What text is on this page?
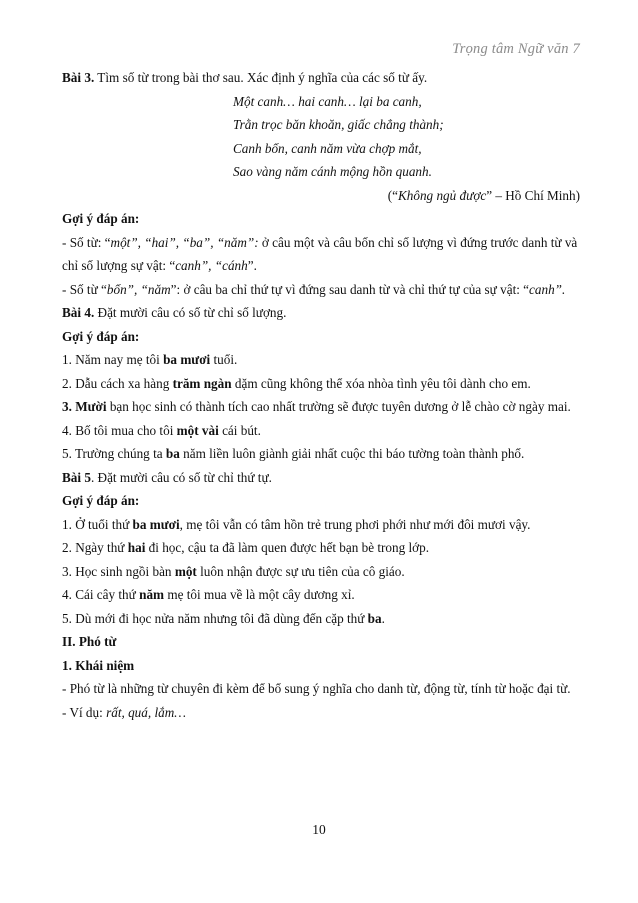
Trọng tâm Ngữ văn 7

Bài 3. Tìm số từ trong bài thơ sau. Xác định ý nghĩa của các số từ ấy.

Một canh… hai canh… lại ba canh,

Trằn trọc băn khoăn, giấc chẳng thành;

Canh bốn, canh năm vừa chợp mắt,

Sao vàng năm cánh mộng hồn quanh.

(“Không ngủ được” – Hồ Chí Minh)

Gợi ý đáp án:

- Số từ: “một”, “hai”, “ba”, “năm”: ở câu một và câu bốn chỉ số lượng vì đứng trước danh từ và chỉ số lượng sự vật: “canh”, “cánh”.

- Số từ “bốn”, “năm”: ở câu ba chỉ thứ tự vì đứng sau danh từ và chỉ thứ tự của sự vật: “canh”.

Bài 4. Đặt mười câu có số từ chỉ số lượng.

Gợi ý đáp án:

1. Năm nay mẹ tôi ba mươi tuổi.

2. Dẫu cách xa hàng trăm ngàn dặm cũng không thể xóa nhòa tình yêu tôi dành cho em.

3. Mười bạn học sinh có thành tích cao nhất trường sẽ được tuyên dương ở lễ chào cờ ngày mai.

4. Bố tôi mua cho tôi một vài cái bút.

5. Trường chúng ta ba năm liền luôn giành giải nhất cuộc thi báo tường toàn thành phố.

Bài 5. Đặt mười câu có số từ chỉ thứ tự.

Gợi ý đáp án:

1. Ở tuổi thứ ba mươi, mẹ tôi vẫn có tâm hồn trẻ trung phơi phới như mới đôi mươi vậy.

2. Ngày thứ hai đi học, cậu ta đã làm quen được hết bạn bè trong lớp.

3. Học sinh ngồi bàn một luôn nhận được sự ưu tiên của cô giáo.

4. Cái cây thứ năm mẹ tôi mua về là một cây dương xỉ.

5. Dù mới đi học nửa năm nhưng tôi đã dùng đến cặp thứ ba.

II. Phó từ

1. Khái niệm

- Phó từ là những từ chuyên đi kèm để bổ sung ý nghĩa cho danh từ, động từ, tính từ hoặc đại từ.

- Ví dụ: rất, quá, lắm…

10
